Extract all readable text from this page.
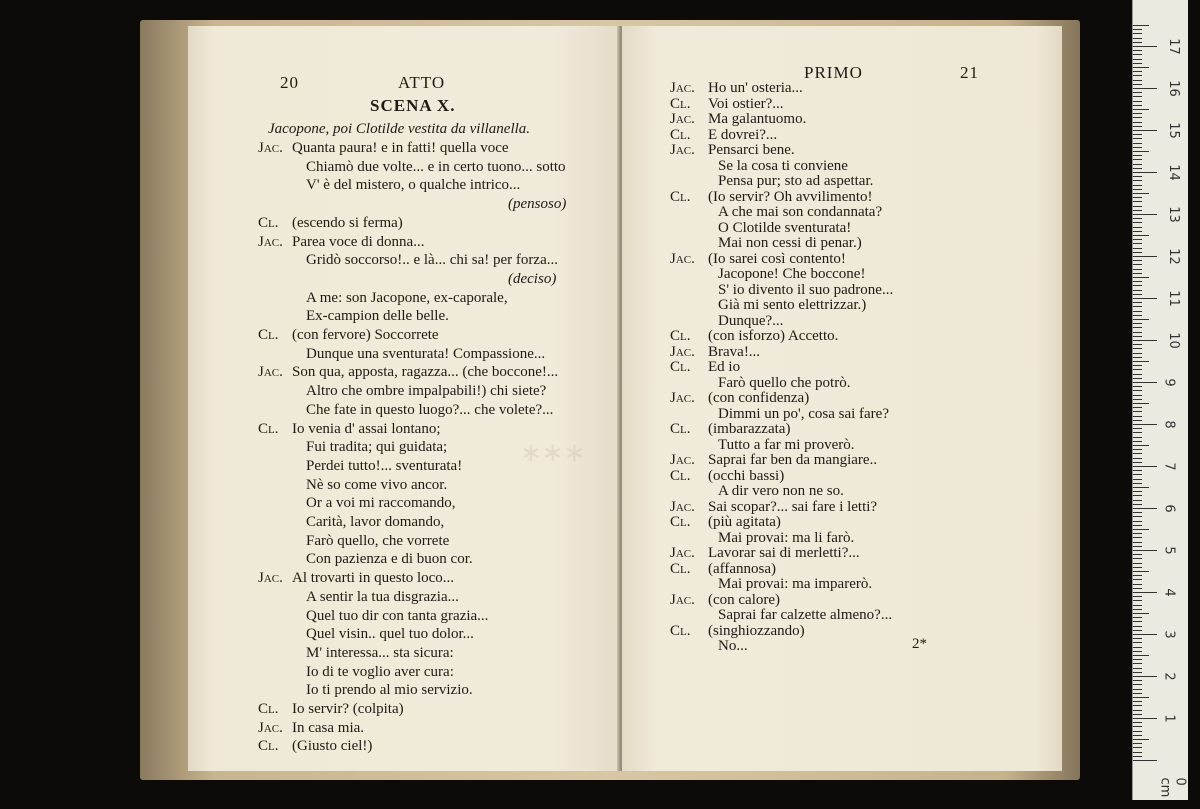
20	ATTO
SCENA X.
Jacopone, poi Clotilde vestita da villanella.
Jac. Quanta paura! e in fatti! quella voce
Chiamò due volte... e in certo tuono... sotto
V' è del mistero, o qualche intrico...
(pensoso)
Cl. (escendo si ferma)
Jac. Parea voce di donna...
Gridò soccorso!.. e là... chi sa! per forza...
(deciso)
A me: son Jacopone, ex-caporale,
Ex-campion delle belle.
Cl. (con fervore) Soccorrete
Dunque una sventurata! Compassione...
Jac. Son qua, apposta, ragazza... (che boccone!...
Altro che ombre impalpabili!) chi siete?
Che fate in questo luogo?... che volete?...
Cl. Io venia d' assai lontano;
Fui tradita; qui guidata;
Perdei tutto!... sventurata!
Nè so come vivo ancor.
Or a voi mi raccomando,
Carità, lavor domando,
Farò quello, che vorrete
Con pazienza e di buon cor.
Jac. Al trovarti in questo loco...
A sentir la tua disgrazia...
Quel tuo dir con tanta grazia...
Quel visin.. quel tuo dolor...
M' interessa... sta sicura:
Io di te voglio aver cura:
Io ti prendo al mio servizio.
Cl. Io servir? (colpita)
Jac. In casa mia.
Cl. (Giusto ciel!)
PRIMO	21
Jac. Ho un' osteria...
Cl. Voi ostier?...
Jac. Ma galantuomo.
Cl. E dovrei?...
Jac. Pensarci bene.
Se la cosa ti conviene
Pensa pur; sto ad aspettar.
Cl. (Io servir? Oh avvilimento!
A che mai son condannata?
O Clotilde sventurata!
Mai non cessi di penar.)
Jac. (Io sarei così contento!
Jacopone! Che boccone!
S' io divento il suo padrone...
Già mi sento elettrizzar.)
Dunque?...
Cl. (con isforzo) Accetto.
Jac. Brava!...
Cl. Ed io
Farò quello che potrò.
Jac. (con confidenza)
Dimmi un po', cosa sai fare?
Cl. (imbarazzata)
Tutto a far mi proverò.
Jac. Saprai far ben da mangiare..
Cl. (occhi bassi)
A dir vero non ne so.
Jac. Sai scopar?... sai fare i letti?
Cl. (più agitata)
Mai provai: ma li farò.
Jac. Lavorar sai di merletti?...
Cl. (affannosa)
Mai provai: ma imparerò.
Jac. (con calore)
Saprai far calzette almeno?...
Cl. (singhiozzando)
No...	2*
∗∗∗
1
2
3
4
5
6
7
8
9
10
11
12
13
14
15
16
17
0 cm
